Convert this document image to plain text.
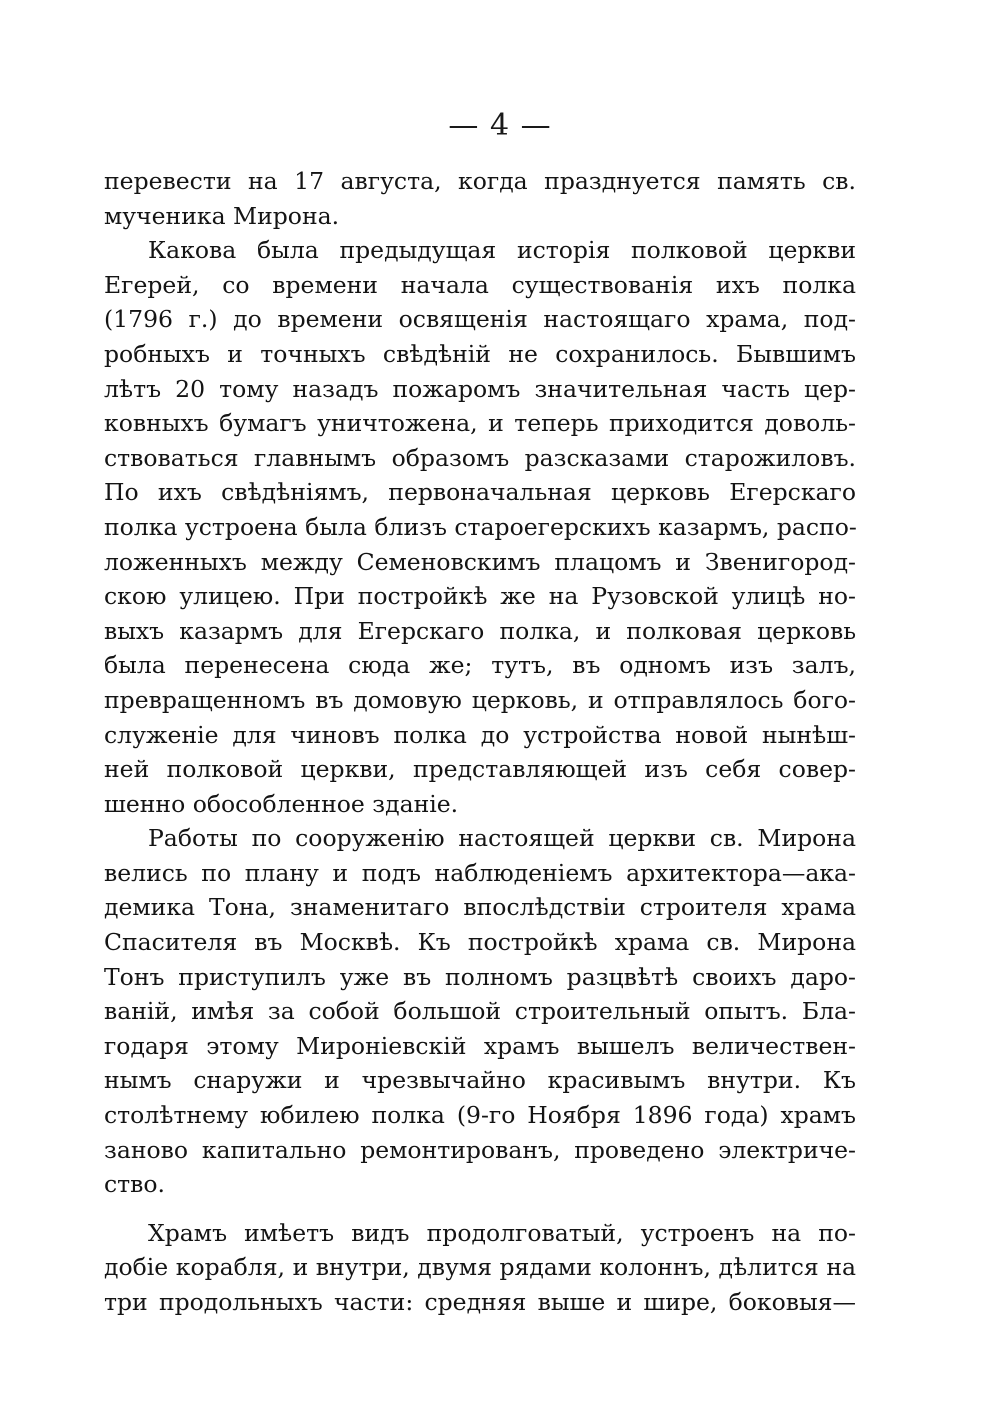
— 4 —
перевести на 17 августа, когда празднуется память св.
мученика Мирона.
Какова была предыдущая исторія полковой церкви
Егерей, со времени начала существованія ихъ полка
(1796 г.) до времени освященія настоящаго храма, под-
робныхъ и точныхъ свѣдѣній не сохранилось. Бывшимъ
лѣтъ 20 тому назадъ пожаромъ значительная часть цер-
ковныхъ бумагъ уничтожена, и теперь приходится доволь-
ствоваться главнымъ образомъ разсказами старожиловъ.
По ихъ свѣдѣніямъ, первоначальная церковь Егерскаго
полка устроена была близъ староегерскихъ казармъ, распо-
ложенныхъ между Семеновскимъ плацомъ и Звенигород-
скою улицею. При постройкѣ же на Рузовской улицѣ но-
выхъ казармъ для Егерскаго полка, и полковая церковь
была перенесена сюда же; тутъ, въ одномъ изъ залъ,
превращенномъ въ домовую церковь, и отправлялось бого-
служеніе для чиновъ полка до устройства новой нынѣш-
ней полковой церкви, представляющей изъ себя совер-
шенно обособленное зданіе.
Работы по сооруженію настоящей церкви св. Мирона
велись по плану и подъ наблюденіемъ архитектора—ака-
демика Тона, знаменитаго впослѣдствіи строителя храма
Спасителя въ Москвѣ. Къ постройкѣ храма св. Мирона
Тонъ приступилъ уже въ полномъ разцвѣтѣ своихъ даро-
ваній, имѣя за собой большой строительный опытъ. Бла-
годаря этому Мироніевскій храмъ вышелъ величествен-
нымъ снаружи и чрезвычайно красивымъ внутри. Къ
столѣтнему юбилею полка (9-го Ноября 1896 года) храмъ
заново капитально ремонтированъ, проведено электриче-
ство.
Храмъ имѣетъ видъ продолговатый, устроенъ на по-
добіе корабля, и внутри, двумя рядами колоннъ, дѣлится на
три продольныхъ части: средняя выше и шире, боковыя—
